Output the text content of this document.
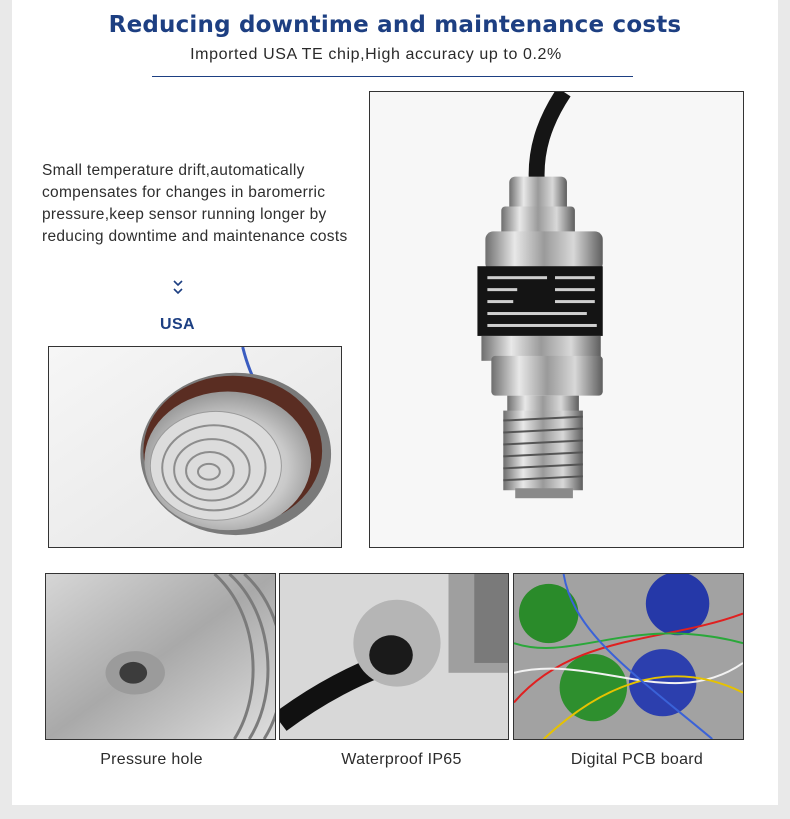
Reducing downtime and maintenance costs
Imported USA TE chip,High accuracy up to 0.2%
Small temperature drift,automatically compensates for changes in baromerric pressure,keep sensor running longer by reducing downtime and maintenance costs
USA
Pressure hole	Waterproof IP65	Digital PCB board
